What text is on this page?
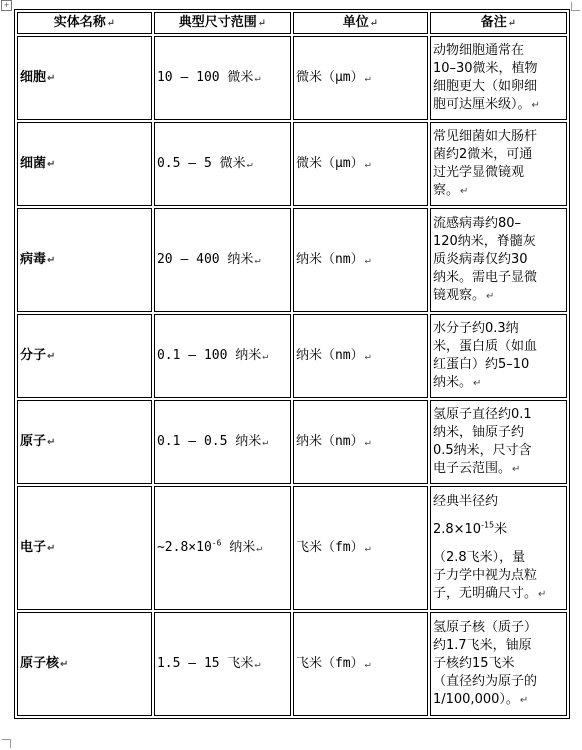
+
实体名称↵	典型尺寸范围↵	单位↵	备注↵
细胞↵	10 – 100 微米↵	微米（μm）↵	动物细胞通常在
10–30微米，植物
细胞更大（如卵细
胞可达厘米级）。↵

细菌↵	0.5 – 5 微米↵	微米（μm）↵	常见细菌如大肠杆
菌约2微米，可通
过光学显微镜观
察。↵

病毒↵	20 – 400 纳米↵	纳米（nm）↵	流感病毒约80–
120纳米，脊髓灰
质炎病毒仅约30
纳米。需电子显微
镜观察。↵

分子↵	0.1 – 100 纳米↵	纳米（nm）↵	水分子约0.3纳
米，蛋白质（如血
红蛋白）约5–10
纳米。↵

原子↵	0.1 – 0.5 纳米↵	纳米（nm）↵	氢原子直径约0.1
纳米，铀原子约
0.5纳米，尺寸含
电子云范围。↵

电子↵	$\sim 2.8\times 10^{-6}$ 纳米↵	飞米（fm）↵	经典半径约
$2.8\times 10^{-15}$米
（2.8飞米），量
子力学中视为点粒
子，无明确尺寸。↵

原子核↵	1.5 – 15 飞米↵	飞米（fm）↵	氢原子核（质子）
约1.7飞米，铀原
子核约15飞米
（直径约为原子的
1/100,000）。↵
